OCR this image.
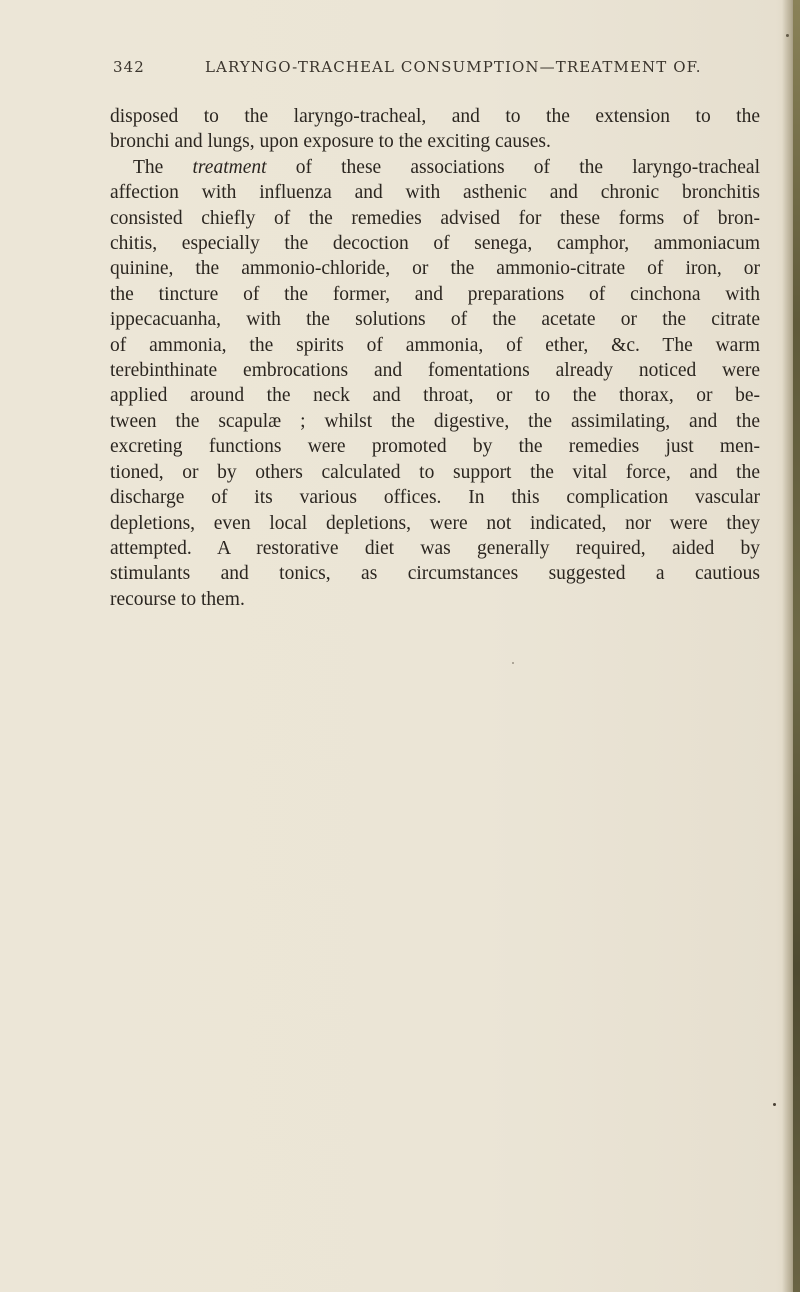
342	LARYNGO-TRACHEAL CONSUMPTION—TREATMENT OF.
disposed to the laryngo-tracheal, and to the extension to the
bronchi and lungs, upon exposure to the exciting causes.
The treatment of these associations of the laryngo-tracheal
affection with influenza and with asthenic and chronic bronchitis
consisted chiefly of the remedies advised for these forms of bron-
chitis, especially the decoction of senega, camphor, ammoniacum
quinine, the ammonio-chloride, or the ammonio-citrate of iron, or
the tincture of the former, and preparations of cinchona with
ippecacuanha, with the solutions of the acetate or the citrate
of ammonia, the spirits of ammonia, of ether, &c. The warm
terebinthinate embrocations and fomentations already noticed were
applied around the neck and throat, or to the thorax, or be-
tween the scapulæ ; whilst the digestive, the assimilating, and the
excreting functions were promoted by the remedies just men-
tioned, or by others calculated to support the vital force, and the
discharge of its various offices. In this complication vascular
depletions, even local depletions, were not indicated, nor were they
attempted. A restorative diet was generally required, aided by
stimulants and tonics, as circumstances suggested a cautious
recourse to them.
